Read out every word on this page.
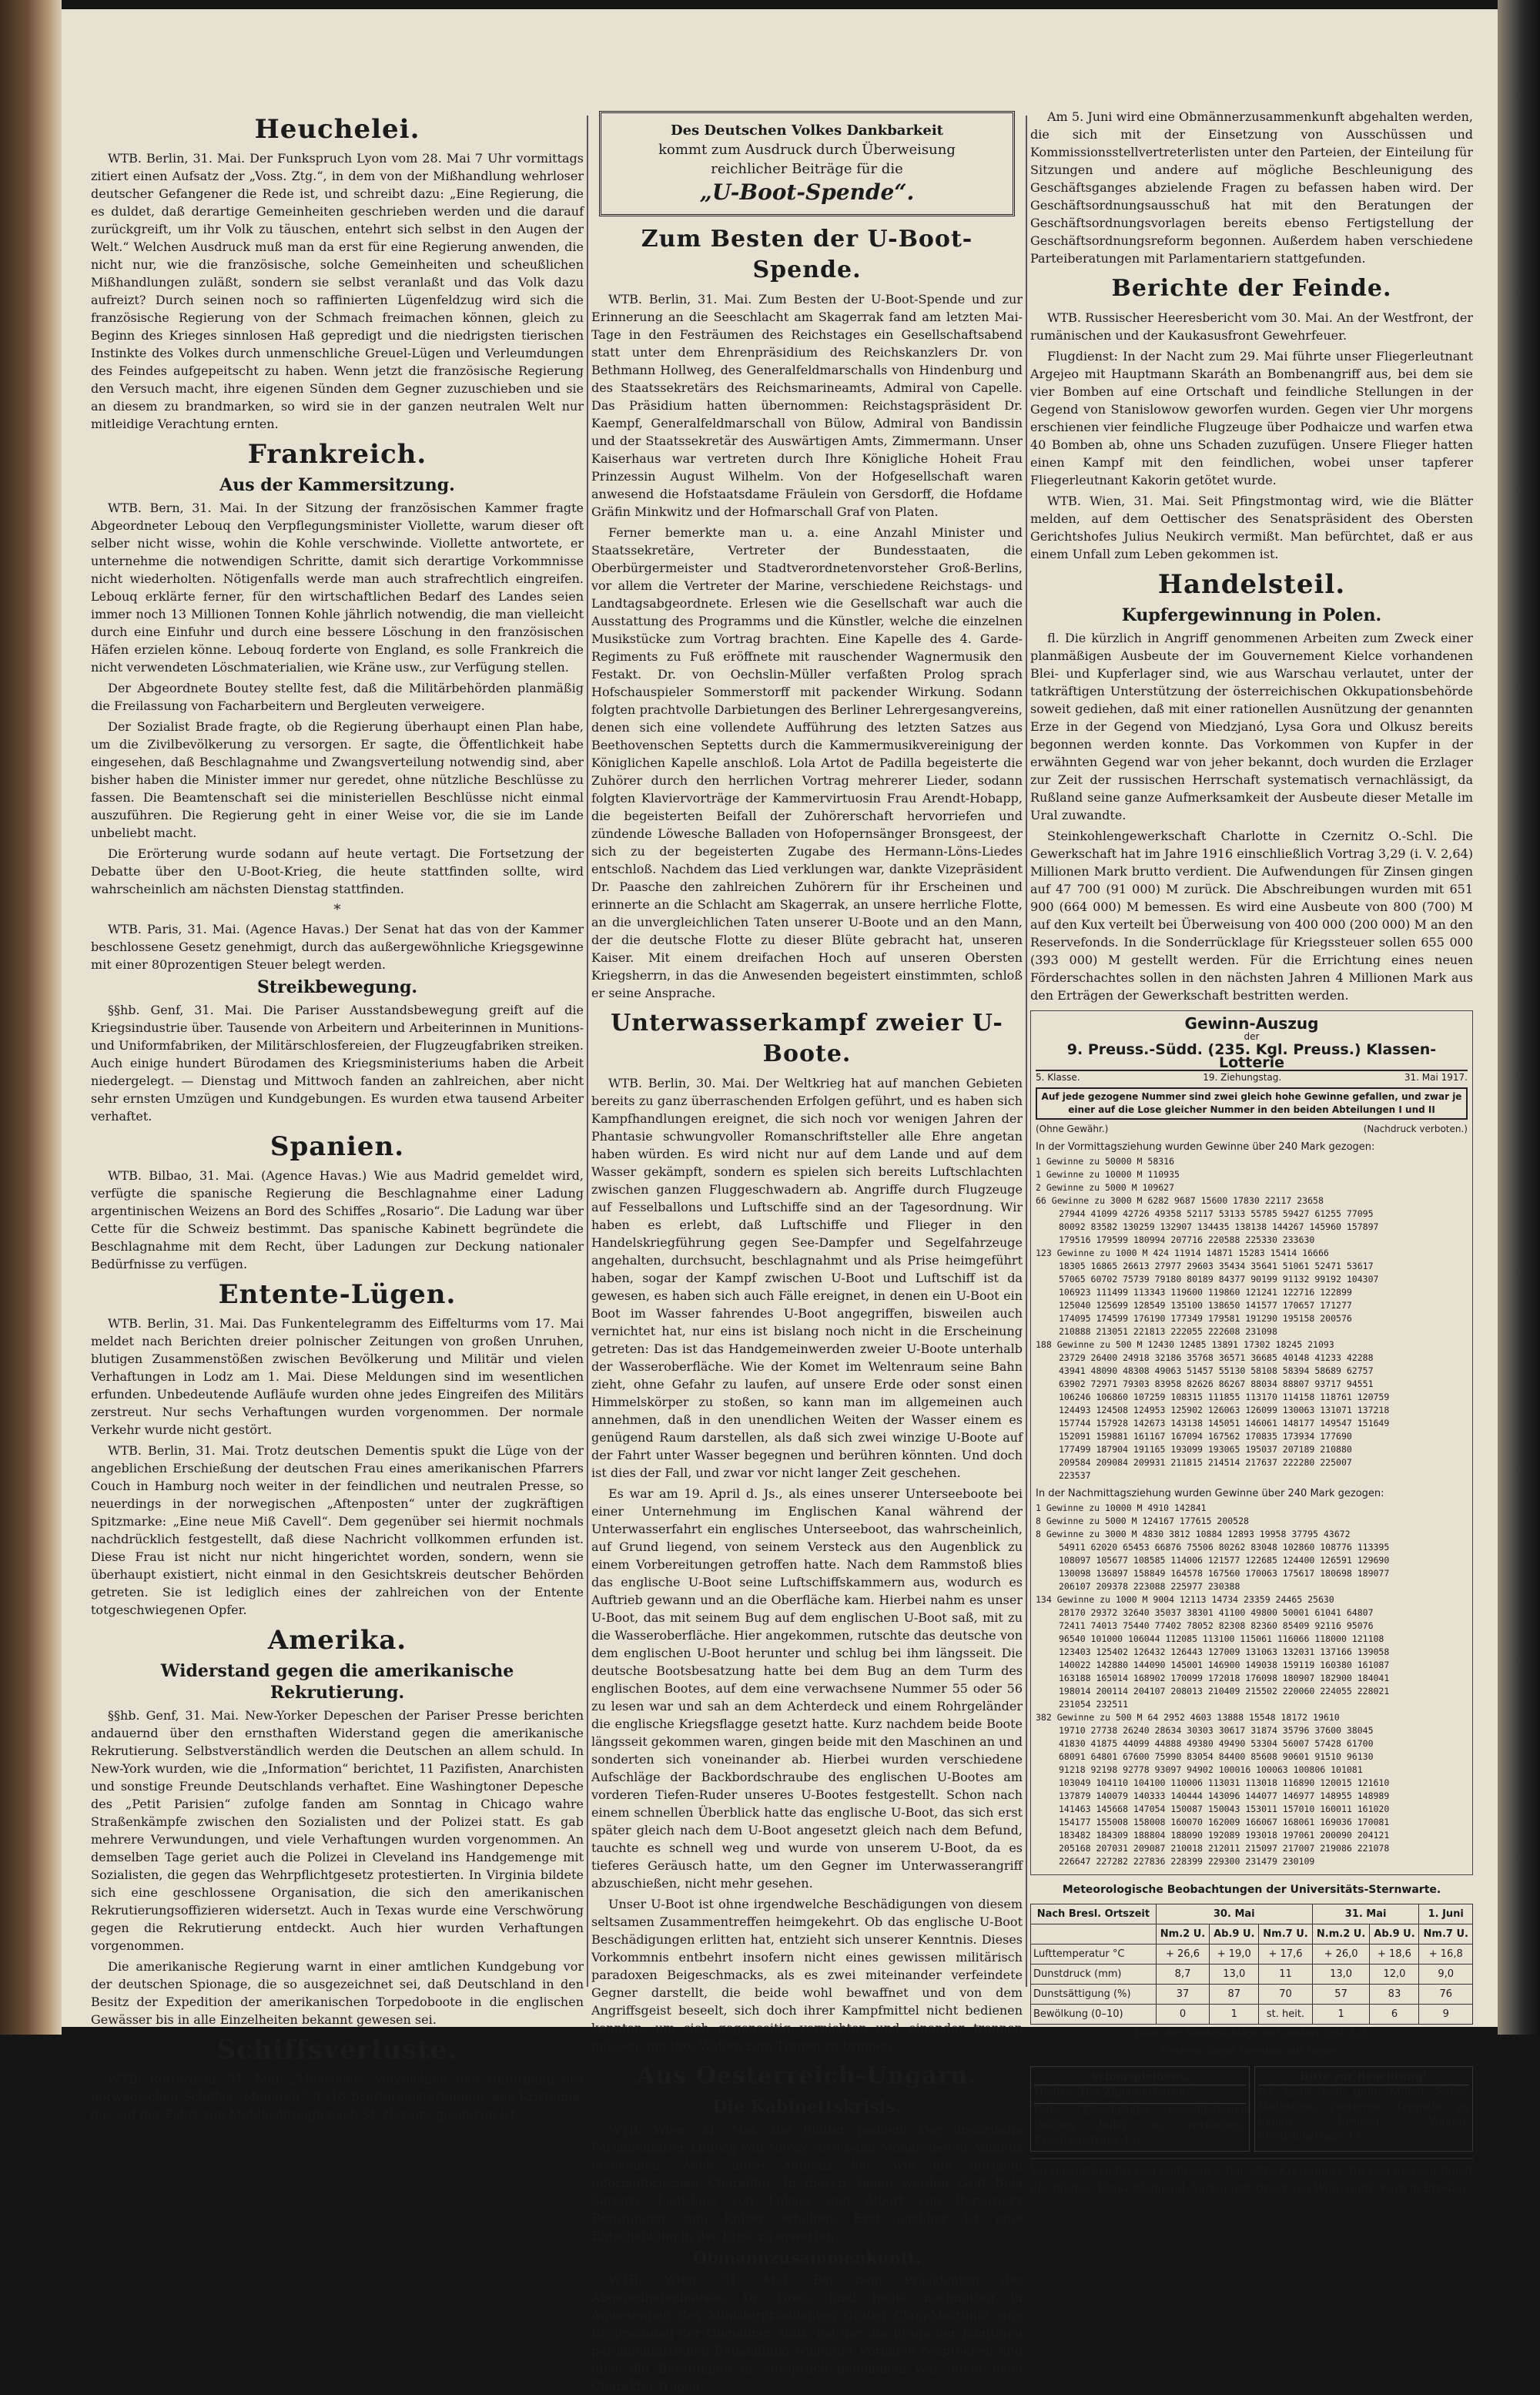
Heuchelei.

WTB. Berlin, 31. Mai. Der Funkspruch Lyon vom 28. Mai 7 Uhr vormittags zitiert einen Aufsatz der „Voss. Ztg.“, in dem von der Mißhandlung wehrloser deutscher Gefangener die Rede ist, und schreibt dazu: „Eine Regierung, die es duldet, daß derartige Gemeinheiten geschrieben werden und die darauf zurückgreift, um ihr Volk zu täuschen, entehrt sich selbst in den Augen der Welt.“ Welchen Ausdruck muß man da erst für eine Regierung anwenden, die nicht nur, wie die französische, solche Gemeinheiten und scheußlichen Mißhandlungen zuläßt, sondern sie selbst veranlaßt und das Volk dazu aufreizt? Durch seinen noch so raffinierten Lügenfeldzug wird sich die französische Regierung von der Schmach freimachen können, gleich zu Beginn des Krieges sinnlosen Haß gepredigt und die niedrigsten tierischen Instinkte des Volkes durch unmenschliche Greuel-Lügen und Verleumdungen des Feindes aufgepeitscht zu haben. Wenn jetzt die französische Regierung den Versuch macht, ihre eigenen Sünden dem Gegner zuzuschieben und sie an diesem zu brandmarken, so wird sie in der ganzen neutralen Welt nur mitleidige Verachtung ernten.

Frankreich.
Aus der Kammersitzung.

WTB. Bern, 31. Mai. In der Sitzung der französischen Kammer fragte Abgeordneter Lebouq den Verpflegungsminister Viollette, warum dieser oft selber nicht wisse, wohin die Kohle verschwinde. Viollette antwortete, er unternehme die notwendigen Schritte, damit sich derartige Vorkommnisse nicht wiederholten. Nötigenfalls werde man auch strafrechtlich eingreifen. Lebouq erklärte ferner, für den wirtschaftlichen Bedarf des Landes seien immer noch 13 Millionen Tonnen Kohle jährlich notwendig, die man vielleicht durch eine Einfuhr und durch eine bessere Löschung in den französischen Häfen erzielen könne. Lebouq forderte von England, es solle Frankreich die nicht verwendeten Löschmaterialien, wie Kräne usw., zur Verfügung stellen.

Der Abgeordnete Boutey stellte fest, daß die Militärbehörden planmäßig die Freilassung von Facharbeitern und Bergleuten verweigere.

Der Sozialist Brade fragte, ob die Regierung überhaupt einen Plan habe, um die Zivilbevölkerung zu versorgen. Er sagte, die Öffentlichkeit habe eingesehen, daß Beschlagnahme und Zwangsverteilung notwendig sind, aber bisher haben die Minister immer nur geredet, ohne nützliche Beschlüsse zu fassen. Die Beamtenschaft sei die ministeriellen Beschlüsse nicht einmal auszuführen. Die Regierung geht in einer Weise vor, die sie im Lande unbeliebt macht.

Die Erörterung wurde sodann auf heute vertagt. Die Fortsetzung der Debatte über den U-Boot-Krieg, die heute stattfinden sollte, wird wahrscheinlich am nächsten Dienstag stattfinden.

*

WTB. Paris, 31. Mai. (Agence Havas.) Der Senat hat das von der Kammer beschlossene Gesetz genehmigt, durch das außergewöhnliche Kriegsgewinne mit einer 80prozentigen Steuer belegt werden.

Streikbewegung.

§§hb. Genf, 31. Mai. Die Pariser Ausstandsbewegung greift auf die Kriegsindustrie über. Tausende von Arbeitern und Arbeiterinnen in Munitions- und Uniformfabriken, der Militärschlosfereien, der Flugzeugfabriken streiken. Auch einige hundert Bürodamen des Kriegsministeriums haben die Arbeit niedergelegt. — Dienstag und Mittwoch fanden an zahlreichen, aber nicht sehr ernsten Umzügen und Kundgebungen. Es wurden etwa tausend Arbeiter verhaftet.

Spanien.

WTB. Bilbao, 31. Mai. (Agence Havas.) Wie aus Madrid gemeldet wird, verfügte die spanische Regierung die Beschlagnahme einer Ladung argentinischen Weizens an Bord des Schiffes „Rosario“. Die Ladung war über Cette für die Schweiz bestimmt. Das spanische Kabinett begründete die Beschlagnahme mit dem Recht, über Ladungen zur Deckung nationaler Bedürfnisse zu verfügen.

Entente-Lügen.

WTB. Berlin, 31. Mai. Das Funkentelegramm des Eiffelturms vom 17. Mai meldet nach Berichten dreier polnischer Zeitungen von großen Unruhen, blutigen Zusammenstößen zwischen Bevölkerung und Militär und vielen Verhaftungen in Lodz am 1. Mai. Diese Meldungen sind im wesentlichen erfunden. Unbedeutende Aufläufe wurden ohne jedes Eingreifen des Militärs zerstreut. Nur sechs Verhaftungen wurden vorgenommen. Der normale Verkehr wurde nicht gestört.

WTB. Berlin, 31. Mai. Trotz deutschen Dementis spukt die Lüge von der angeblichen Erschießung der deutschen Frau eines amerikanischen Pfarrers Couch in Hamburg noch weiter in der feindlichen und neutralen Presse, so neuerdings in der norwegischen „Aftenposten“ unter der zugkräftigen Spitzmarke: „Eine neue Miß Cavell“. Dem gegenüber sei hiermit nochmals nachdrücklich festgestellt, daß diese Nachricht vollkommen erfunden ist. Diese Frau ist nicht nur nicht hingerichtet worden, sondern, wenn sie überhaupt existiert, nicht einmal in den Gesichtskreis deutscher Behörden getreten. Sie ist lediglich eines der zahlreichen von der Entente totgeschwiegenen Opfer.

Amerika.
Widerstand gegen die amerikanische Rekrutierung.

§§hb. Genf, 31. Mai. New-Yorker Depeschen der Pariser Presse berichten andauernd über den ernsthaften Widerstand gegen die amerikanische Rekrutierung. Selbstverständlich werden die Deutschen an allem schuld. In New-York wurden, wie die „Information“ berichtet, 11 Pazifisten, Anarchisten und sonstige Freunde Deutschlands verhaftet. Eine Washingtoner Depesche des „Petit Parisien“ zufolge fanden am Sonntag in Chicago wahre Straßenkämpfe zwischen den Sozialisten und der Polizei statt. Es gab mehrere Verwundungen, und viele Verhaftungen wurden vorgenommen. An demselben Tage geriet auch die Polizei in Cleveland ins Handgemenge mit Sozialisten, die gegen das Wehrpflichtgesetz protestierten. In Virginia bildete sich eine geschlossene Organisation, die sich den amerikanischen Rekrutierungsoffizieren widersetzt. Auch in Texas wurde eine Verschwörung gegen die Rekrutierung entdeckt. Auch hier wurden Verhaftungen vorgenommen.

Die amerikanische Regierung warnt in einer amtlichen Kundgebung vor der deutschen Spionage, die so ausgezeichnet sei, daß Deutschland in den Besitz der Expedition der amerikanischen Torpedoboote in die englischen Gewässer bis in alle Einzelheiten bekannt gewesen sei.

Schiffsverluste.

WTB. Rotterdam, 31. Mai. „Maasbode“ verzeichnet den Untergang des norwegischen Schiffes „Monarch“, 1318 Bruttoregistertonnen, aus Kristiania, das auf der Fahrt von Middlesbrough nach St. Nazaire gesunken ist.

Des Deutschen Volkes Dankbarkeit
kommt zum Ausdruck durch Überweisung
reichlicher Beiträge für die
„U-Boot-Spende“.
Zum Besten der U-Boot-Spende.

WTB. Berlin, 31. Mai. Zum Besten der U-Boot-Spende und zur Erinnerung an die Seeschlacht am Skagerrak fand am letzten Mai-Tage in den Festräumen des Reichstages ein Gesellschaftsabend statt unter dem Ehrenpräsidium des Reichskanzlers Dr. von Bethmann Hollweg, des Generalfeldmarschalls von Hindenburg und des Staatssekretärs des Reichsmarineamts, Admiral von Capelle. Das Präsidium hatten übernommen: Reichstagspräsident Dr. Kaempf, Generalfeldmarschall von Bülow, Admiral von Bandissin und der Staatssekretär des Auswärtigen Amts, Zimmermann. Unser Kaiserhaus war vertreten durch Ihre Königliche Hoheit Frau Prinzessin August Wilhelm. Von der Hofgesellschaft waren anwesend die Hofstaatsdame Fräulein von Gersdorff, die Hofdame Gräfin Minkwitz und der Hofmarschall Graf von Platen.

Ferner bemerkte man u. a. eine Anzahl Minister und Staatssekretäre, Vertreter der Bundesstaaten, die Oberbürgermeister und Stadtverordnetenvorsteher Groß-Berlins, vor allem die Vertreter der Marine, verschiedene Reichstags- und Landtagsabgeordnete. Erlesen wie die Gesellschaft war auch die Ausstattung des Programms und die Künstler, welche die einzelnen Musikstücke zum Vortrag brachten. Eine Kapelle des 4. Garde-Regiments zu Fuß eröffnete mit rauschender Wagnermusik den Festakt. Dr. von Oechslin-Müller verfaßten Prolog sprach Hofschauspieler Sommerstorff mit packender Wirkung. Sodann folgten prachtvolle Darbietungen des Berliner Lehrergesangvereins, denen sich eine vollendete Aufführung des letzten Satzes aus Beethovenschen Septetts durch die Kammermusikvereinigung der Königlichen Kapelle anschloß. Lola Artot de Padilla begeisterte die Zuhörer durch den herrlichen Vortrag mehrerer Lieder, sodann folgten Klaviervorträge der Kammervirtuosin Frau Arendt-Hobapp, die begeisterten Beifall der Zuhörerschaft hervorriefen und zündende Löwesche Balladen von Hofopernsänger Bronsgeest, der sich zu der begeisterten Zugabe des Hermann-Löns-Liedes entschloß. Nachdem das Lied verklungen war, dankte Vizepräsident Dr. Paasche den zahlreichen Zuhörern für ihr Erscheinen und erinnerte an die Schlacht am Skagerrak, an unsere herrliche Flotte, an die unvergleichlichen Taten unserer U-Boote und an den Mann, der die deutsche Flotte zu dieser Blüte gebracht hat, unseren Kaiser. Mit einem dreifachen Hoch auf unseren Obersten Kriegsherrn, in das die Anwesenden begeistert einstimmten, schloß er seine Ansprache.

Unterwasserkampf zweier U-Boote.

WTB. Berlin, 30. Mai. Der Weltkrieg hat auf manchen Gebieten bereits zu ganz überraschenden Erfolgen geführt, und es haben sich Kampfhandlungen ereignet, die sich noch vor wenigen Jahren der Phantasie schwungvoller Romanschriftsteller alle Ehre angetan haben würden. Es wird nicht nur auf dem Lande und auf dem Wasser gekämpft, sondern es spielen sich bereits Luftschlachten zwischen ganzen Fluggeschwadern ab. Angriffe durch Flugzeuge auf Fesselballons und Luftschiffe sind an der Tagesordnung. Wir haben es erlebt, daß Luftschiffe und Flieger in den Handelskriegführung gegen See-Dampfer und Segelfahrzeuge angehalten, durchsucht, beschlagnahmt und als Prise heimgeführt haben, sogar der Kampf zwischen U-Boot und Luftschiff ist da gewesen, es haben sich auch Fälle ereignet, in denen ein U-Boot ein Boot im Wasser fahrendes U-Boot angegriffen, bisweilen auch vernichtet hat, nur eins ist bislang noch nicht in die Erscheinung getreten: Das ist das Handgemeinwerden zweier U-Boote unterhalb der Wasseroberfläche. Wie der Komet im Weltenraum seine Bahn zieht, ohne Gefahr zu laufen, auf unsere Erde oder sonst einen Himmelskörper zu stoßen, so kann man im allgemeinen auch annehmen, daß in den unendlichen Weiten der Wasser einem es genügend Raum darstellen, als daß sich zwei winzige U-Boote auf der Fahrt unter Wasser begegnen und berühren könnten. Und doch ist dies der Fall, und zwar vor nicht langer Zeit geschehen.

Es war am 19. April d. Js., als eines unserer Unterseeboote bei einer Unternehmung im Englischen Kanal während der Unterwasserfahrt ein englisches Unterseeboot, das wahrscheinlich, auf Grund liegend, von seinem Versteck aus den Augenblick zu einem Vorbereitungen getroffen hatte. Nach dem Rammstoß blies das englische U-Boot seine Luftschiffskammern aus, wodurch es Auftrieb gewann und an die Oberfläche kam. Hierbei nahm es unser U-Boot, das mit seinem Bug auf dem englischen U-Boot saß, mit zu die Wasseroberfläche. Hier angekommen, rutschte das deutsche von dem englischen U-Boot herunter und schlug bei ihm längsseit. Die deutsche Bootsbesatzung hatte bei dem Bug an dem Turm des englischen Bootes, auf dem eine verwachsene Nummer 55 oder 56 zu lesen war und sah an dem Achterdeck und einem Rohrgeländer die englische Kriegsflagge gesetzt hatte. Kurz nachdem beide Boote längsseit gekommen waren, gingen beide mit den Maschinen an und sonderten sich voneinander ab. Hierbei wurden verschiedene Aufschläge der Backbordschraube des englischen U-Bootes am vorderen Tiefen-Ruder unseres U-Bootes festgestellt. Schon nach einem schnellen Überblick hatte das englische U-Boot, das sich erst später gleich nach dem U-Boot angesetzt gleich nach dem Befund, tauchte es schnell weg und wurde von unserem U-Boot, da es tieferes Geräusch hatte, um den Gegner im Unterwasserangriff abzuschießen, nicht mehr gesehen.

Unser U-Boot ist ohne irgendwelche Beschädigungen von diesem seltsamen Zusammentreffen heimgekehrt. Ob das englische U-Boot Beschädigungen erlitten hat, entzieht sich unserer Kenntnis. Dieses Vorkommnis entbehrt insofern nicht eines gewissen militärisch paradoxen Beigeschmacks, als es zwei miteinander verfeindete Gegner darstellt, die beide wohl bewaffnet und von dem Angriffsgeist beseelt, sich doch ihrer Kampfmittel nicht bedienen konnten, um sich gegenseitig vernichten und einander trennen müssen, um ihre Waffen zum Tragen zu bringen.

Aus Oesterreich-Ungarn.
Die Kabinettskrisis.

WTB. Wien, 31. Mai. Die Blätter melden: Der ungarische Parlamentarier Ludwig von Navay wird beim Monarchen in Audienz erscheinen. Auch diese Audienz hat, wie die übrigen, informatorischen Charakter. In diesen Tagen werden Graf Bela Serenyi, Ladislaus von Lukacs und Albert von Berzeviczy Berufungen zum Kaiser erhalten. Erst nachher ist eine Entscheidung in der Krise zu erwarten.

Obmannzusammenkunft.

WTB. Wien, 31. Mai. Bei dem Präsidenten des Abgeordnetenhauses, Dr. Groß, fand heute nachmittag in Anwesenheit des Ministerpräsidenten Grafen Clam-Martinitz eine Besprechung der Obmänner statt, bei der die Frage der künftigen parlamentarischen Behandlung wichtiger Vorlagen besprochen und über die Beratungen in Ausspruch genommen war, nicht neue Charakter tragen.

Am 5. Juni wird eine Obmännerzusammenkunft abgehalten werden, die sich mit der Einsetzung von Ausschüssen und Kommissionsstellvertreterlisten unter den Parteien, der Einteilung für Sitzungen und andere auf mögliche Beschleunigung des Geschäftsganges abzielende Fragen zu befassen haben wird. Der Geschäftsordnungsausschuß hat mit den Beratungen der Geschäftsordnungsvorlagen bereits ebenso Fertigstellung der Geschäftsordnungsreform begonnen. Außerdem haben verschiedene Parteiberatungen mit Parlamentariern stattgefunden.

Berichte der Feinde.

WTB. Russischer Heeresbericht vom 30. Mai. An der Westfront, der rumänischen und der Kaukasusfront Gewehrfeuer.

Flugdienst: In der Nacht zum 29. Mai führte unser Fliegerleutnant Argejeo mit Hauptmann Skaráth an Bombenangriff aus, bei dem sie vier Bomben auf eine Ortschaft und feindliche Stellungen in der Gegend von Stanislowow geworfen wurden. Gegen vier Uhr morgens erschienen vier feindliche Flugzeuge über Podhaicze und warfen etwa 40 Bomben ab, ohne uns Schaden zuzufügen. Unsere Flieger hatten einen Kampf mit den feindlichen, wobei unser tapferer Fliegerleutnant Kakorin getötet wurde.

WTB. Wien, 31. Mai. Seit Pfingstmontag wird, wie die Blätter melden, auf dem Oettischer des Senatspräsident des Obersten Gerichtshofes Julius Neukirch vermißt. Man befürchtet, daß er aus einem Unfall zum Leben gekommen ist.

Handelsteil.
Kupfergewinnung in Polen.

fl. Die kürzlich in Angriff genommenen Arbeiten zum Zweck einer planmäßigen Ausbeute der im Gouvernement Kielce vorhandenen Blei- und Kupferlager sind, wie aus Warschau verlautet, unter der tatkräftigen Unterstützung der österreichischen Okkupationsbehörde soweit gediehen, daß mit einer rationellen Ausnützung der genannten Erze in der Gegend von Miedzjanó, Lysa Gora und Olkusz bereits begonnen werden konnte. Das Vorkommen von Kupfer in der erwähnten Gegend war von jeher bekannt, doch wurden die Erzlager zur Zeit der russischen Herrschaft systematisch vernachlässigt, da Rußland seine ganze Aufmerksamkeit der Ausbeute dieser Metalle im Ural zuwandte.

Steinkohlengewerkschaft Charlotte in Czernitz O.-Schl. Die Gewerkschaft hat im Jahre 1916 einschließlich Vortrag 3,29 (i. V. 2,64) Millionen Mark brutto verdient. Die Aufwendungen für Zinsen gingen auf 47 700 (91 000) M zurück. Die Abschreibungen wurden mit 651 900 (664 000) M bemessen. Es wird eine Ausbeute von 800 (700) M auf den Kux verteilt bei Überweisung von 400 000 (200 000) M an den Reservefonds. In die Sonderrücklage für Kriegssteuer sollen 655 000 (393 000) M gestellt werden. Für die Errichtung eines neuen Förderschachtes sollen in den nächsten Jahren 4 Millionen Mark aus den Erträgen der Gewerkschaft bestritten werden.

Gewinn-Auszug
der
9. Preuss.-Südd. (235. Kgl. Preuss.) Klassen-Lotterie
5. Klasse.	19. Ziehungstag.	31. Mai 1917.
Auf jede gezogene Nummer sind zwei gleich hohe Gewinne gefallen, und zwar je einer auf die Lose gleicher Nummer in den beiden Abteilungen I und II
(Ohne Gewähr.)	(Nachdruck verboten.)
In der Vormittagsziehung wurden Gewinne über 240 Mark gezogen:
1 Gewinne zu 50000 M 58316
1 Gewinne zu 10000 M 110935
2 Gewinne zu 5000 M 109627
66 Gewinne zu 3000 M 6282 9687 15600 17830 22117 23658
27944 41099 42726 49358 52117 53133 55785 59427 61255 77095
80092 83582 130259 132907 134435 138138 144267 145960 157897
179516 179599 180994 207716 220588 225330 233630
123 Gewinne zu 1000 M 424 11914 14871 15283 15414 16666
18305 16865 26613 27977 29603 35434 35641 51061 52471 53617
57065 60702 75739 79180 80189 84377 90199 91132 99192 104307
106923 111499 113343 119600 119860 121241 122716 122899
125040 125699 128549 135100 138650 141577 170657 171277
174095 174599 176190 177349 179581 191290 195158 200576
210888 213051 221813 222055 222608 231098
188 Gewinne zu 500 M 12430 12485 13891 17302 18245 21093
23729 26400 24918 32186 35768 36571 36685 40148 41233 42288
43941 48090 48308 49063 51457 55130 58108 58394 58689 62757
63902 72971 79303 83958 82626 86267 88034 88807 93717 94551
106246 106860 107259 108315 111855 113170 114158 118761 120759
124493 124508 124953 125902 126063 126099 130063 131071 137218
157744 157928 142673 143138 145051 146061 148177 149547 151649
152091 159881 161167 167094 167562 170835 173934 177690
177499 187904 191165 193099 193065 195037 207189 210880
209584 209084 209931 211815 214514 217637 222280 225007
223537
In der Nachmittagsziehung wurden Gewinne über 240 Mark gezogen:
1 Gewinne zu 10000 M 4910 142841
8 Gewinne zu 5000 M 124167 177615 200528
8 Gewinne zu 3000 M 4830 3812 10884 12893 19958 37795 43672
54911 62020 65453 66876 75506 80262 83048 102860 108776 113395
108097 105677 108585 114006 121577 122685 124400 126591 129690
130098 136897 158849 164578 167560 170063 175617 180698 189077
206107 209378 223088 225977 230388
134 Gewinne zu 1000 M 9004 12113 14734 23359 24465 25630
28170 29372 32640 35037 38301 41100 49800 50001 61041 64807
72411 74013 75440 77402 78052 82308 82360 85409 92116 95076
96540 101000 106044 112085 113100 115061 116066 118000 121108
123403 125402 126432 126443 127009 131063 132031 137166 139058
140022 142880 144090 145001 146900 149038 159119 160380 161087
163188 165014 168902 170099 172018 176098 180907 182900 184041
198014 200114 204107 208013 210409 215502 220060 224055 228021
231054 232511
382 Gewinne zu 500 M 64 2952 4603 13888 15548 18172 19610
19710 27738 26240 28634 30303 30617 31874 35796 37600 38045
41830 41875 44099 44888 49380 49490 53304 56007 57428 61700
68091 64801 67600 75990 83054 84400 85608 90601 91510 96130
91218 92198 92778 93097 94902 100016 100063 100806 101081
103049 104110 104100 110006 113031 113018 116890 120015 121610
137879 140079 140333 140444 143096 144077 146977 148955 148989
141463 145668 147054 150087 150043 153011 157010 160011 161020
154177 155008 158008 160070 162009 166067 168061 169036 170081
183482 184309 188804 188090 192089 193018 197061 200090 204121
205168 207031 209087 210018 212011 215097 217007 219086 221078
226647 227282 227836 228399 229300 231479 230109
Meteorologische Beobachtungen der Universitäts-Sternwarte.
Nach Bresl. Ortszeit	30. Mai			31. Mai		1. Juni
	Nm.2 U.	Ab.9 U.	Nm.7 U.	N.m.2 U.	Ab.9 U.	Nm.7 U.
Lufttemperatur °C	+ 26,6	+ 19,0	+ 17,6	+ 26,0	+ 18,6	+ 16,8
Dunstdruck (mm)	8,7	13,0	11	13,0	12,0	9,0
Dunstsättigung (%)	37	87	70	57	83	76
Bewölkung (0–10)	0	1	st. heit.	1	6	9
Höhe der Niederschläge seit gestern früh 1,0.
Gestern abend Gewitter mit Regen.
Schauspielhaus.
Heute: „Der Zigeunerbaron.“
Gebr. Eisschränke verschiedener Größen billig zu verkaufen. Friedrichstraße 17.
Bitte zur Beachtung!
Ich kaufe jede gebr. Möbel, Sofas, Matratzen, Portièren, Teppiche zu hohen Preisen. Wahler, Friedrichstraße 17.
Verantwortlich für den politischen Teil: Otto Kretschmer, für den übrigen Inhalt des Blattes: Franz Kleinpaul. Verlag und Druck von Wilh. Gottl. Korn in Breslau.
